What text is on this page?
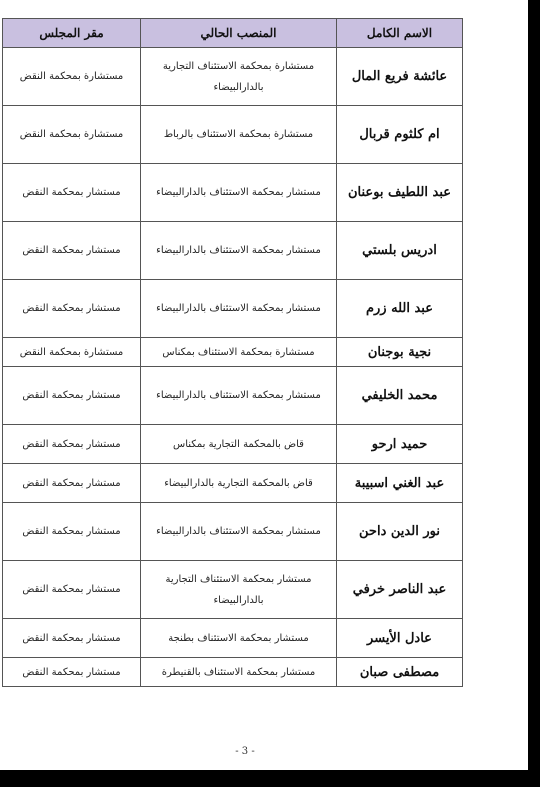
الاسم الكامل	المنصب الحالي	مقر المجلس
عائشة فريع المال	مستشارة بمحكمة الاستئناف التجارية بالدارالبيضاء	مستشارة بمحكمة النقض
ام كلثوم قربال	مستشارة بمحكمة الاستئناف بالرباط	مستشارة بمحكمة النقض
عبد اللطيف بوعنان	مستشار بمحكمة الاستئناف بالدارالبيضاء	مستشار بمحكمة النقض
ادريس بلستي	مستشار بمحكمة الاستئناف بالدارالبيضاء	مستشار بمحكمة النقض
عبد الله زرم	مستشار بمحكمة الاستئناف بالدارالبيضاء	مستشار بمحكمة النقض
نجية بوجنان	مستشارة بمحكمة الاستئناف بمكناس	مستشارة بمحكمة النقض
محمد الخليفي	مستشار بمحكمة الاستئناف بالدارالبيضاء	مستشار بمحكمة النقض
حميد ارحو	قاض بالمحكمة التجارية بمكناس	مستشار بمحكمة النقض
عبد الغني اسبيبة	قاض بالمحكمة التجارية بالدارالبيضاء	مستشار بمحكمة النقض
نور الدين داحن	مستشار بمحكمة الاستئناف بالدارالبيضاء	مستشار بمحكمة النقض
عبد الناصر خرفي	مستشار بمحكمة الاستئناف التجارية بالدارالبيضاء	مستشار بمحكمة النقض
عادل الأيسر	مستشار بمحكمة الاستئناف بطنجة	مستشار بمحكمة النقض
مصطفى صبان	مستشار بمحكمة الاستئناف بالقنيطرة	مستشار بمحكمة النقض
- 3 -
